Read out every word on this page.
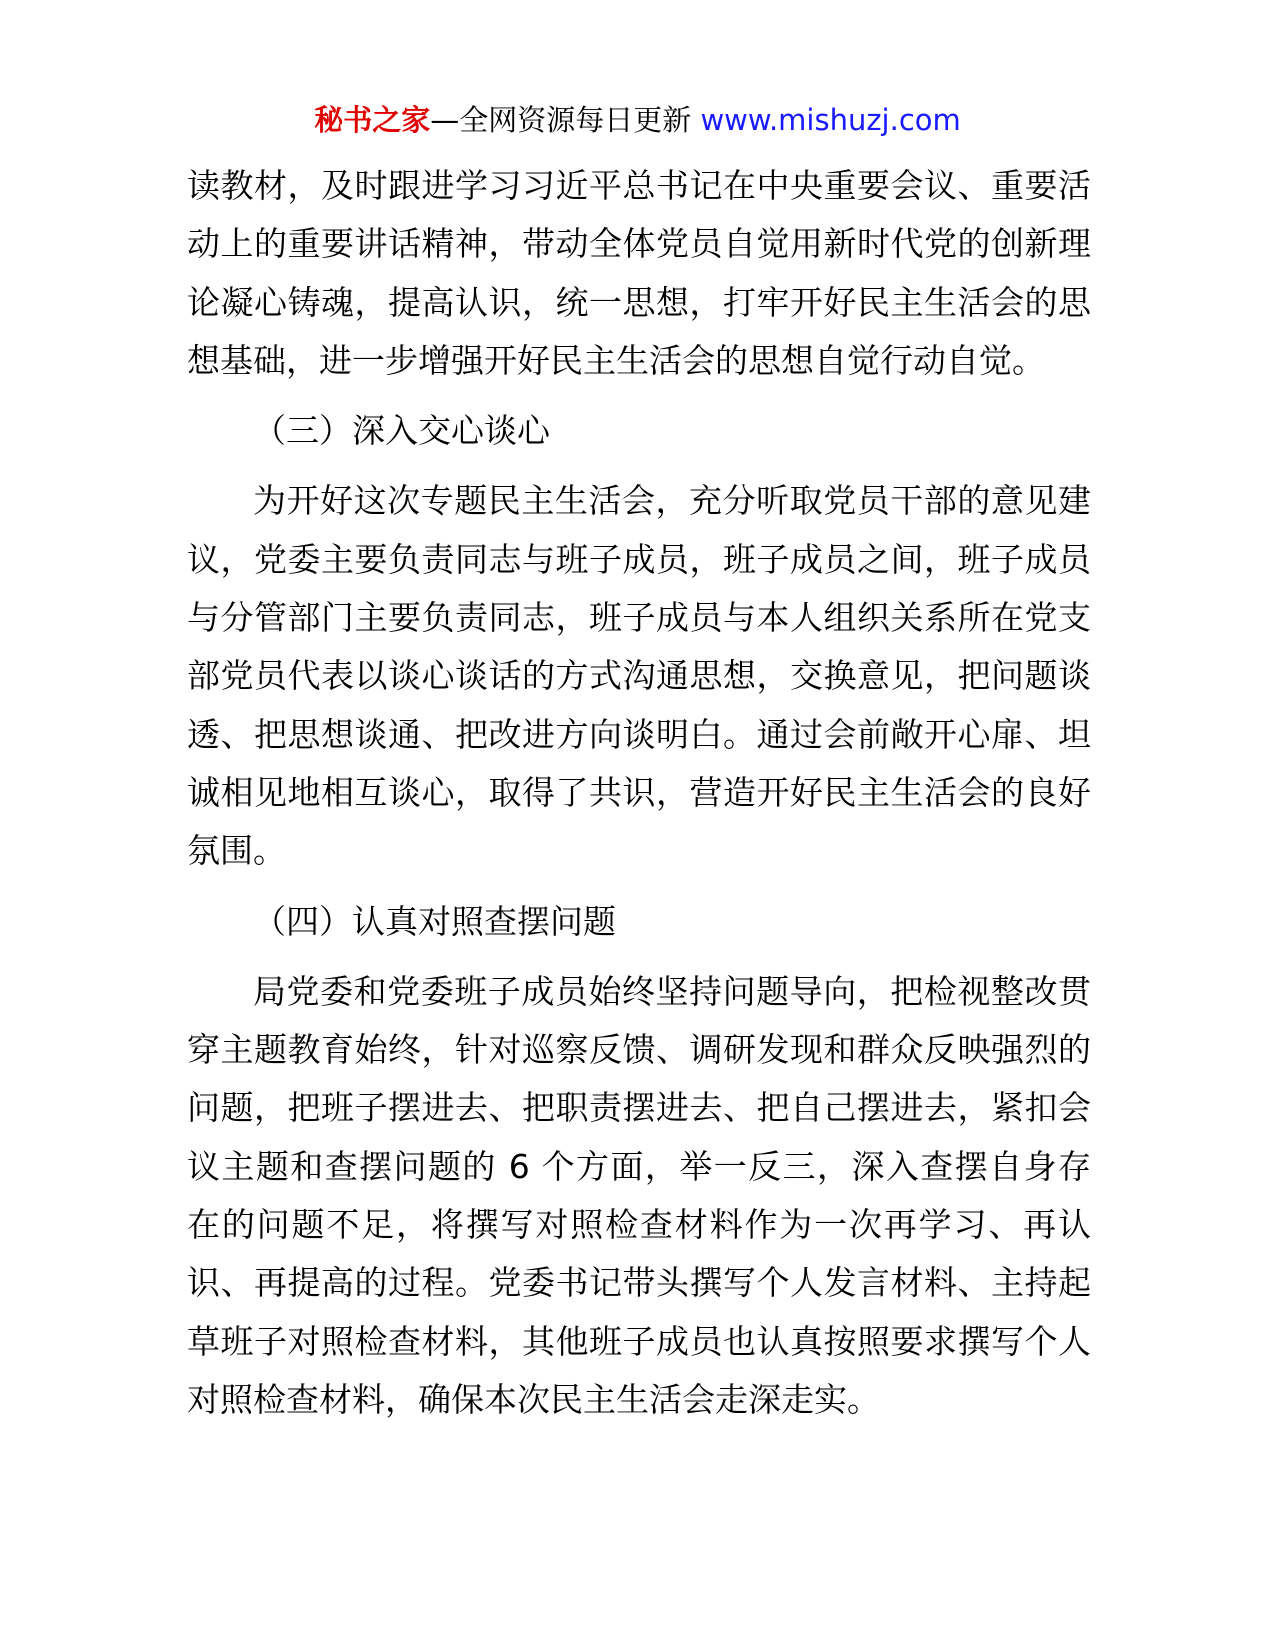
秘书之家—全网资源每日更新 www.mishuzj.com
读教材，及时跟进学习习近平总书记在中央重要会议、重要活
动上的重要讲话精神，带动全体党员自觉用新时代党的创新理
论凝心铸魂，提高认识，统一思想，打牢开好民主生活会的思
想基础，进一步增强开好民主生活会的思想自觉行动自觉。
（三）深入交心谈心
为开好这次专题民主生活会，充分听取党员干部的意见建
议，党委主要负责同志与班子成员，班子成员之间，班子成员
与分管部门主要负责同志，班子成员与本人组织关系所在党支
部党员代表以谈心谈话的方式沟通思想，交换意见，把问题谈
透、把思想谈通、把改进方向谈明白。通过会前敞开心扉、坦
诚相见地相互谈心，取得了共识，营造开好民主生活会的良好
氛围。
（四）认真对照查摆问题
局党委和党委班子成员始终坚持问题导向，把检视整改贯
穿主题教育始终，针对巡察反馈、调研发现和群众反映强烈的
问题，把班子摆进去、把职责摆进去、把自己摆进去，紧扣会
议主题和查摆问题的 6 个方面，举一反三，深入查摆自身存
在的问题不足，将撰写对照检查材料作为一次再学习、再认
识、再提高的过程。党委书记带头撰写个人发言材料、主持起
草班子对照检查材料，其他班子成员也认真按照要求撰写个人
对照检查材料，确保本次民主生活会走深走实。
